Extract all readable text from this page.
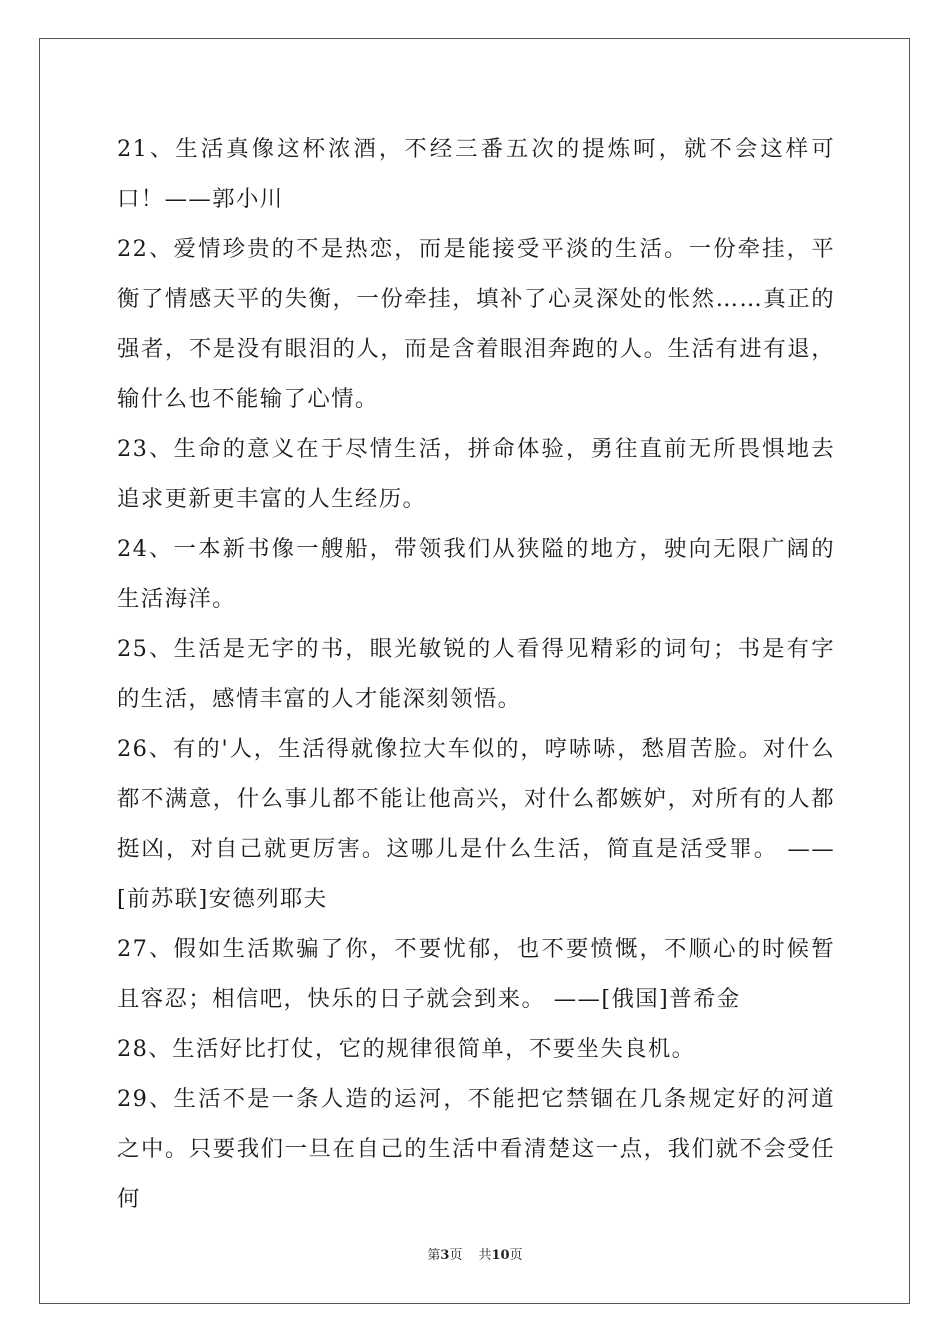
21、生活真像这杯浓酒，不经三番五次的提炼呵，就不会这样可口！——郭小川

22、爱情珍贵的不是热恋，而是能接受平淡的生活。一份牵挂，平衡了情感天平的失衡，一份牵挂，填补了心灵深处的怅然……真正的强者，不是没有眼泪的人，而是含着眼泪奔跑的人。生活有进有退，输什么也不能输了心情。

23、生命的意义在于尽情生活，拼命体验，勇往直前无所畏惧地去追求更新更丰富的人生经历。

24、一本新书像一艘船，带领我们从狭隘的地方，驶向无限广阔的生活海洋。

25、生活是无字的书，眼光敏锐的人看得见精彩的词句；书是有字的生活，感情丰富的人才能深刻领悟。

26、有的'人，生活得就像拉大车似的，哼哧哧，愁眉苦脸。对什么都不满意，什么事儿都不能让他高兴，对什么都嫉妒，对所有的人都挺凶，对自己就更厉害。这哪儿是什么生活，简直是活受罪。 ——[前苏联]安德列耶夫

27、假如生活欺骗了你，不要忧郁，也不要愤慨，不顺心的时候暂且容忍；相信吧，快乐的日子就会到来。 ——[俄国]普希金

28、生活好比打仗，它的规律很简单，不要坐失良机。

29、生活不是一条人造的运河，不能把它禁锢在几条规定好的河道之中。只要我们一旦在自己的生活中看清楚这一点，我们就不会受任何

第3页 共10页
